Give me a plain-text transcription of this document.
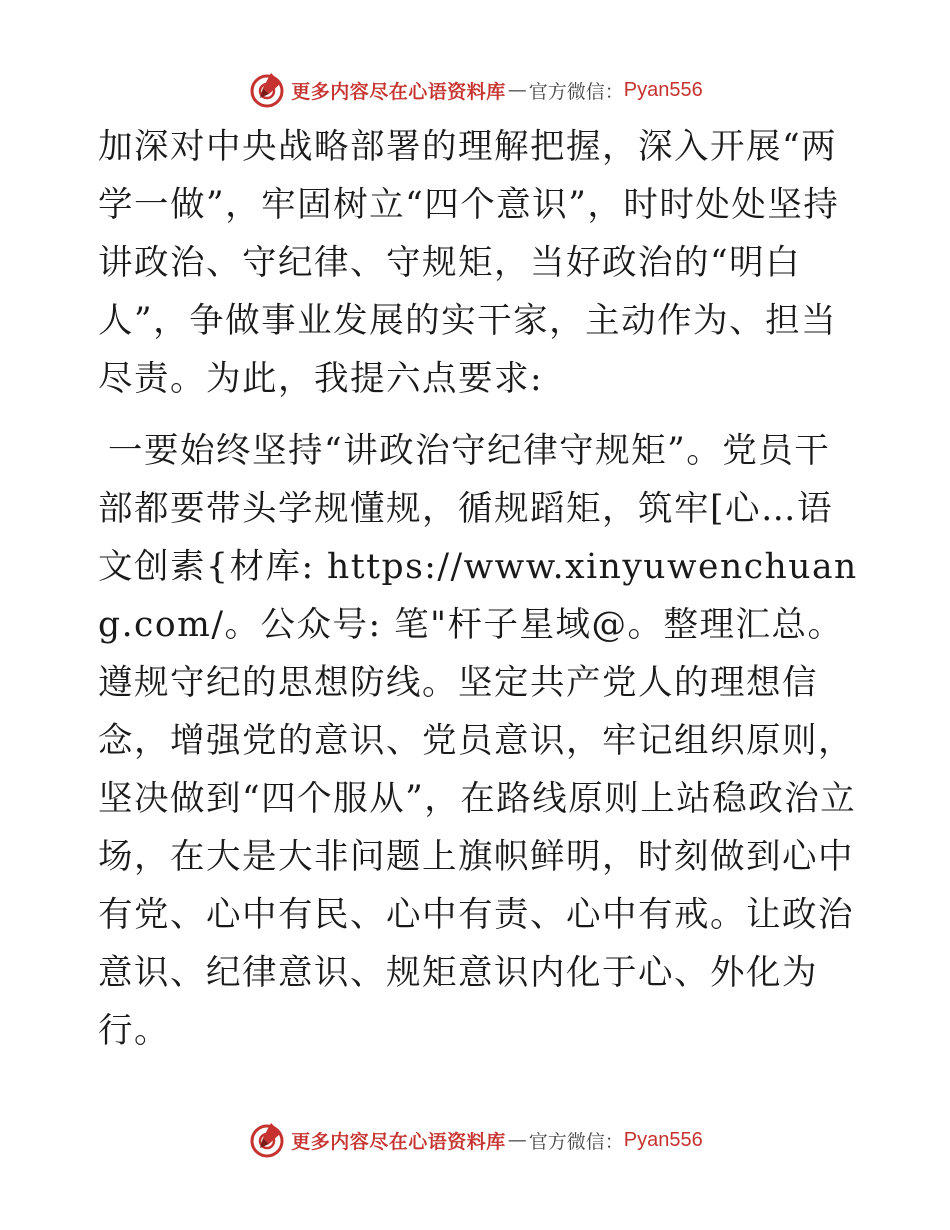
更多内容尽在心语资料库 — 官方微信： Pyan556

加深对中央战略部署的理解把握，深入开展“两学一做”，牢固树立“四个意识”，时时处处坚持讲政治、守纪律、守规矩，当好政治的“明白人”，争做事业发展的实干家，主动作为、担当尽责。为此，我提六点要求:

一要始终坚持“讲政治守纪律守规矩”。党员干部都要带头学规懂规，循规蹈矩，筑牢[心…语文创素{材库: https://www.xinyuwenchuang.com/。公众号: 笔"杆子星域@。整理汇总。遵规守纪的思想防线。坚定共产党人的理想信念，增强党的意识、党员意识，牢记组织原则，坚决做到“四个服从”，在路线原则上站稳政治立场，在大是大非问题上旗帜鲜明，时刻做到心中有党、心中有民、心中有责、心中有戒。让政治意识、纪律意识、规矩意识内化于心、外化为行。

更多内容尽在心语资料库 — 官方微信： Pyan556
